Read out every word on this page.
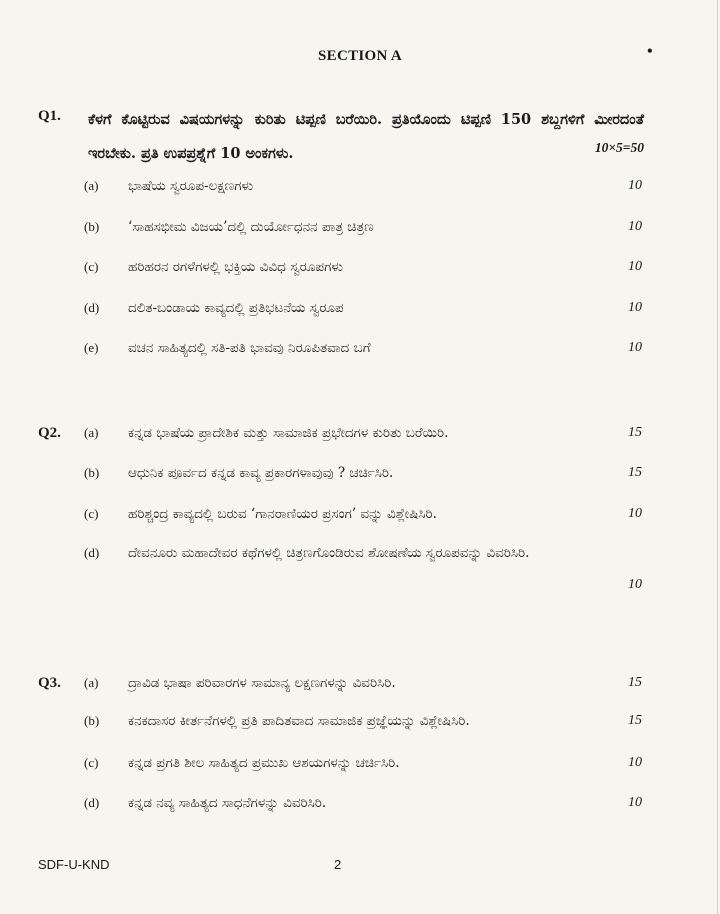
SECTION A	•
Q1. ಕೆಳಗೆ ಕೊಟ್ಟಿರುವ ವಿಷಯಗಳನ್ನು ಕುರಿತು ಟಿಪ್ಪಣಿ ಬರೆಯಿರಿ. ಪ್ರತಿಯೊಂದು ಟಿಪ್ಪಣಿ 150 ಶಬ್ದಗಳಿಗೆ ಮೀರದಂತೆ ಇರಬೇಕು. ಪ್ರತಿ ಉಪಪ್ರಶ್ನೆಗೆ 10 ಅಂಕಗಳು.	10×5=50
(a) ಭಾಷೆಯ ಸ್ವರೂಪ-ಲಕ್ಷಣಗಳು	10
(b) ‘ಸಾಹಸಭೀಮ ವಿಜಯ’ದಲ್ಲಿ ದುರ್ಯೋಧನನ ಪಾತ್ರ ಚಿತ್ರಣ	10
(c) ಹರಿಹರನ ರಗಳೆಗಳಲ್ಲಿ ಭಕ್ತಿಯ ವಿವಿಧ ಸ್ವರೂಪಗಳು	10
(d) ದಲಿತ-ಬಂಡಾಯ ಕಾವ್ಯದಲ್ಲಿ ಪ್ರತಿಭಟನೆಯ ಸ್ವರೂಪ	10
(e) ವಚನ ಸಾಹಿತ್ಯದಲ್ಲಿ ಸತಿ-ಪತಿ ಭಾವವು ನಿರೂಪಿತವಾದ ಬಗೆ	10
Q2. (a) ಕನ್ನಡ ಭಾಷೆಯ ಪ್ರಾದೇಶಿಕ ಮತ್ತು ಸಾಮಾಜಿಕ ಪ್ರಭೇದಗಳ ಕುರಿತು ಬರೆಯಿರಿ.	15
(b) ಆಧುನಿಕ ಪೂರ್ವದ ಕನ್ನಡ ಕಾವ್ಯ ಪ್ರಕಾರಗಳಾವುವು ? ಚರ್ಚಿಸಿರಿ.	15
(c) ಹರಿಶ್ಚಂದ್ರ ಕಾವ್ಯದಲ್ಲಿ ಬರುವ ‘ಗಾನರಾಣಿಯರ ಪ್ರಸಂಗ’ ವನ್ನು ವಿಶ್ಲೇಷಿಸಿರಿ.	10
(d) ದೇವನೂರು ಮಹಾದೇವರ ಕಥೆಗಳಲ್ಲಿ ಚಿತ್ರಣಗೊಂಡಿರುವ ಶೋಷಣೆಯ ಸ್ವರೂಪವನ್ನು ವಿವರಿಸಿರಿ.
10
Q3. (a) ದ್ರಾವಿಡ ಭಾಷಾ ಪರಿವಾರಗಳ ಸಾಮಾನ್ಯ ಲಕ್ಷಣಗಳನ್ನು ವಿವರಿಸಿರಿ.	15
(b) ಕನಕದಾಸರ ಕೀರ್ತನೆಗಳಲ್ಲಿ ಪ್ರತಿ ಪಾದಿತವಾದ ಸಾಮಾಜಿಕ ಪ್ರಜ್ಞೆಯನ್ನು ವಿಶ್ಲೇಷಿಸಿರಿ.	15
(c) ಕನ್ನಡ ಪ್ರಗತಿ ಶೀಲ ಸಾಹಿತ್ಯದ ಪ್ರಮುಖ ಆಶಯಗಳನ್ನು ಚರ್ಚಿಸಿರಿ.	10
(d) ಕನ್ನಡ ನವ್ಯ ಸಾಹಿತ್ಯದ ಸಾಧನೆಗಳನ್ನು ವಿವರಿಸಿರಿ.	10
SDF-U-KND	2
